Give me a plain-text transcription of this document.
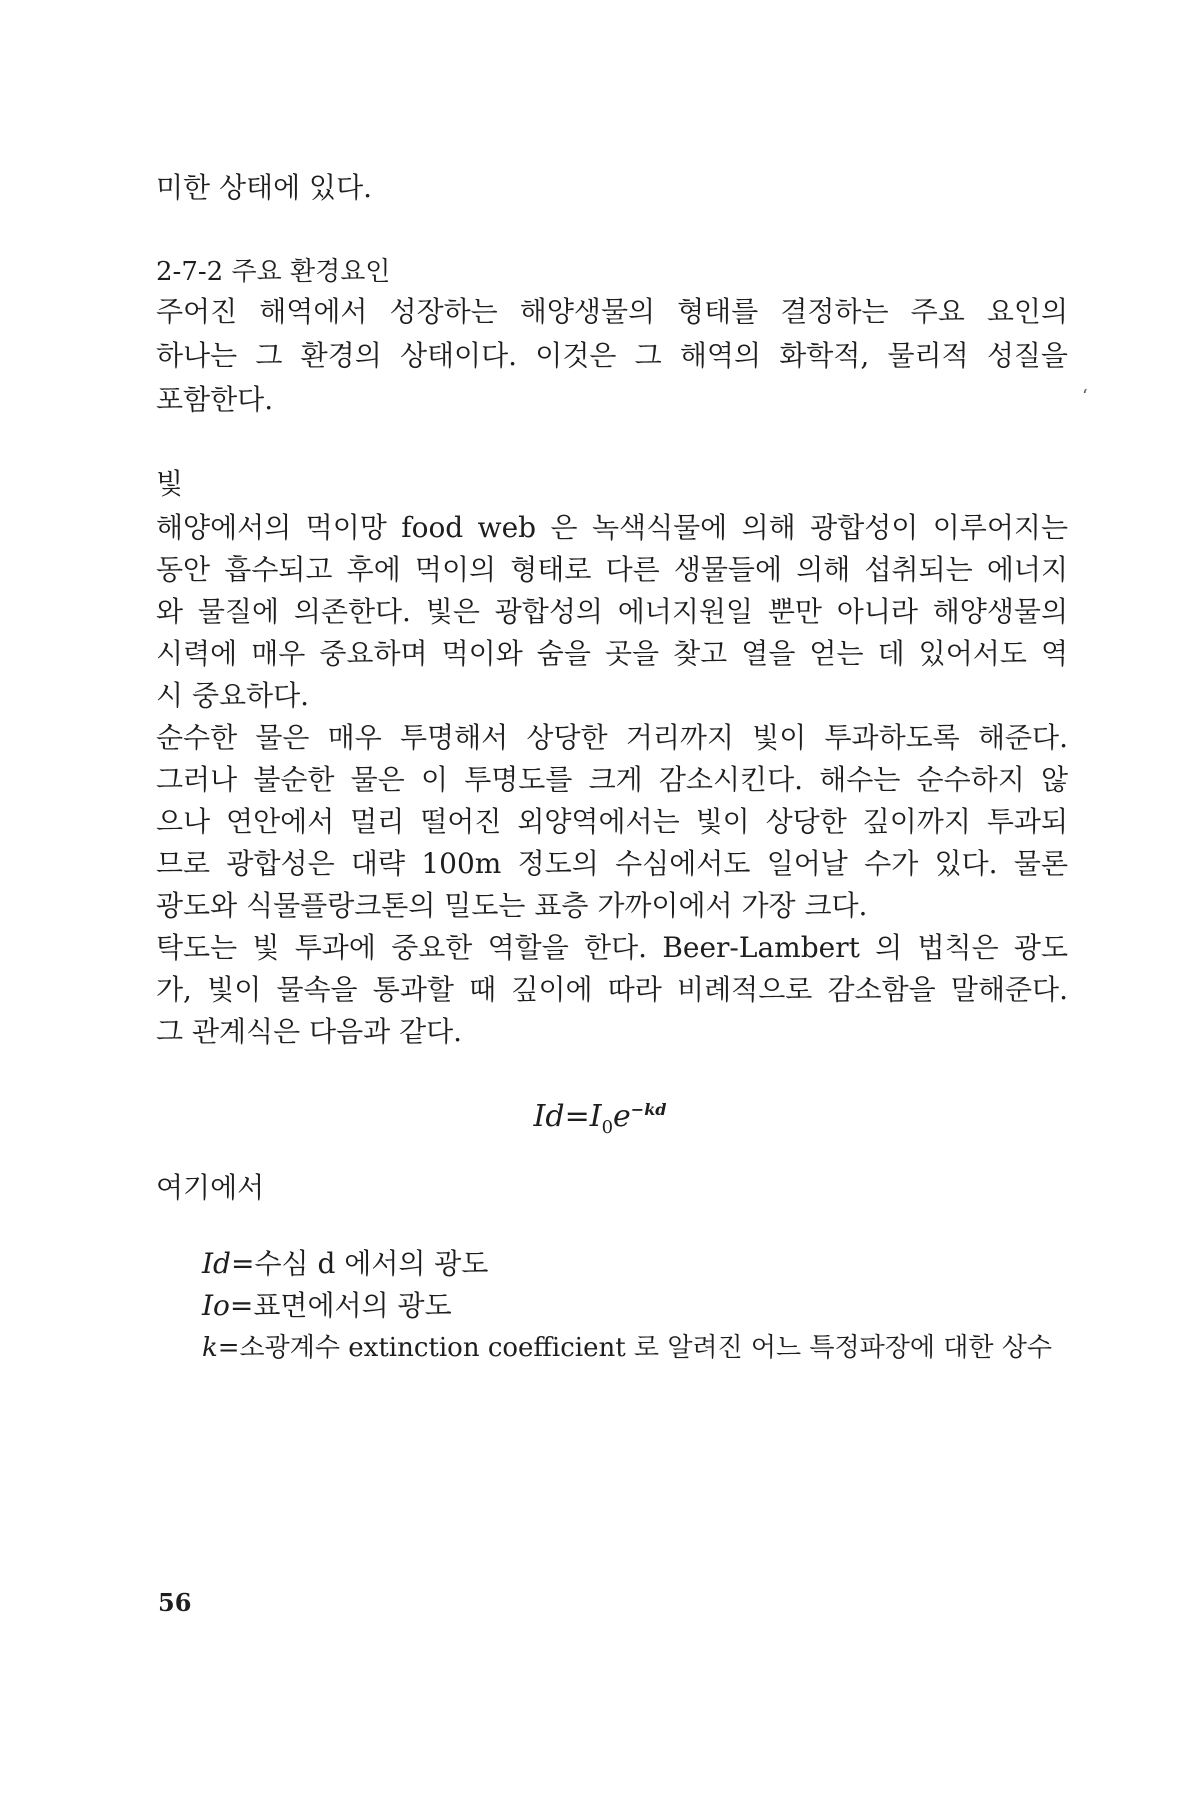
미한 상태에 있다.
2-7-2 주요 환경요인
주어진 해역에서 성장하는 해양생물의 형태를 결정하는 주요 요인의
하나는 그 환경의 상태이다. 이것은 그 해역의 화학적, 물리적 성질을
포함한다.	‘
빛
해양에서의 먹이망 food web 은 녹색식물에 의해 광합성이 이루어지는
동안 흡수되고 후에 먹이의 형태로 다른 생물들에 의해 섭취되는 에너지
와 물질에 의존한다. 빛은 광합성의 에너지원일 뿐만 아니라 해양생물의
시력에 매우 중요하며 먹이와 숨을 곳을 찾고 열을 얻는 데 있어서도 역
시 중요하다.
순수한 물은 매우 투명해서 상당한 거리까지 빛이 투과하도록 해준다.
그러나 불순한 물은 이 투명도를 크게 감소시킨다. 해수는 순수하지 않
으나 연안에서 멀리 떨어진 외양역에서는 빛이 상당한 깊이까지 투과되
므로 광합성은 대략 100m 정도의 수심에서도 일어날 수가 있다. 물론
광도와 식물플랑크톤의 밀도는 표층 가까이에서 가장 크다.
탁도는 빛 투과에 중요한 역할을 한다. Beer-Lambert 의 법칙은 광도
가, 빛이 물속을 통과할 때 깊이에 따라 비례적으로 감소함을 말해준다.
그 관계식은 다음과 같다.
$Id=I_0e^{-kd}$
여기에서
Id=수심 d 에서의 광도
Io=표면에서의 광도
k=소광계수 extinction coefficient 로 알려진 어느 특정파장에 대한 상수
56
